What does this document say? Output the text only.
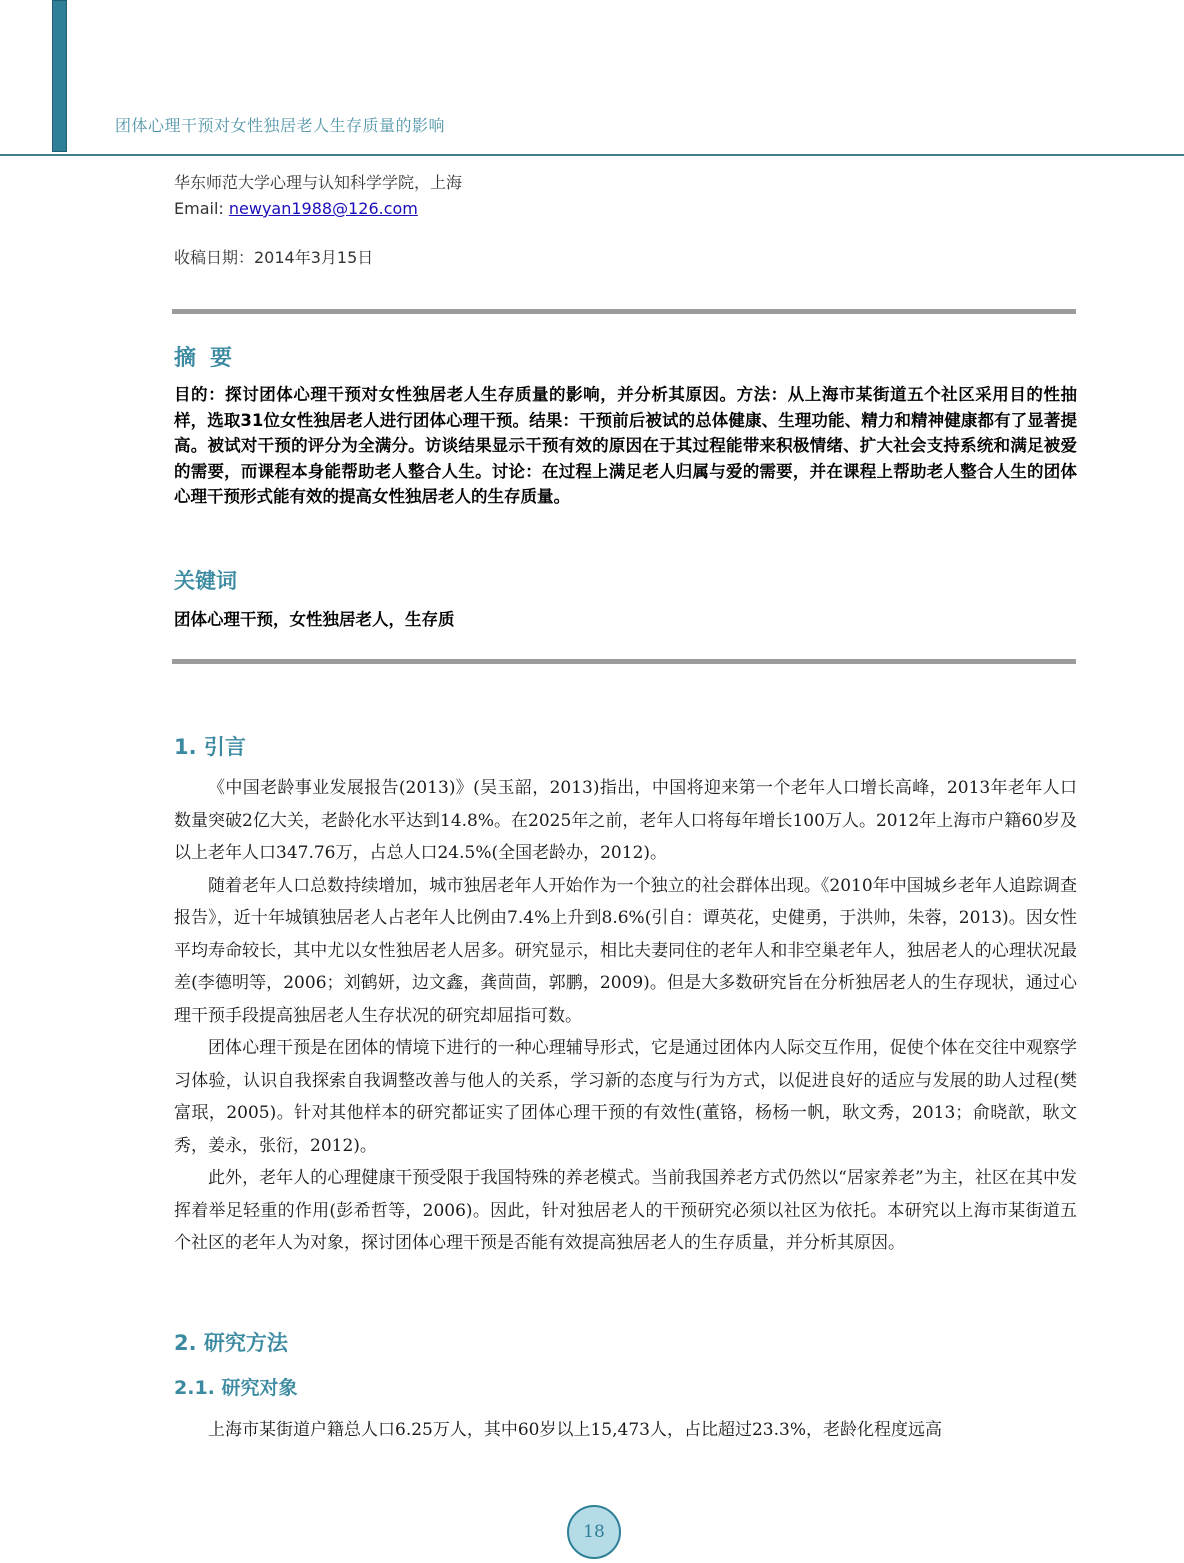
团体心理干预对女性独居老人生存质量的影响
华东师范大学心理与认知科学学院，上海
Email: newyan1988@126.com
收稿日期：2014年3月15日
摘要
目的：探讨团体心理干预对女性独居老人生存质量的影响，并分析其原因。方法：从上海市某街道五个社区采用目的性抽样，选取31位女性独居老人进行团体心理干预。结果：干预前后被试的总体健康、生理功能、精力和精神健康都有了显著提高。被试对干预的评分为全满分。访谈结果显示干预有效的原因在于其过程能带来积极情绪、扩大社会支持系统和满足被爱的需要，而课程本身能帮助老人整合人生。讨论：在过程上满足老人归属与爱的需要，并在课程上帮助老人整合人生的团体心理干预形式能有效的提高女性独居老人的生存质量。
关键词
团体心理干预，女性独居老人，生存质
1. 引言

《中国老龄事业发展报告(2013)》(吴玉韶，2013)指出，中国将迎来第一个老年人口增长高峰，2013年老年人口数量突破2亿大关，老龄化水平达到14.8%。在2025年之前，老年人口将每年增长100万人。2012年上海市户籍60岁及以上老年人口347.76万，占总人口24.5%(全国老龄办，2012)。

随着老年人口总数持续增加，城市独居老年人开始作为一个独立的社会群体出现。《2010年中国城乡老年人追踪调查报告》，近十年城镇独居老人占老年人比例由7.4%上升到8.6%(引自：谭英花，史健勇，于洪帅，朱蓉，2013)。因女性平均寿命较长，其中尤以女性独居老人居多。研究显示，相比夫妻同住的老年人和非空巢老年人，独居老人的心理状况最差(李德明等，2006；刘鹤妍，边文鑫，龚茴茴，郭鹏，2009)。但是大多数研究旨在分析独居老人的生存现状，通过心理干预手段提高独居老人生存状况的研究却屈指可数。

团体心理干预是在团体的情境下进行的一种心理辅导形式，它是通过团体内人际交互作用，促使个体在交往中观察学习体验，认识自我探索自我调整改善与他人的关系，学习新的态度与行为方式，以促进良好的适应与发展的助人过程(樊富珉，2005)。针对其他样本的研究都证实了团体心理干预的有效性(董铬，杨杨一帆，耿文秀，2013；俞晓歆，耿文秀，姜永，张衍，2012)。

此外，老年人的心理健康干预受限于我国特殊的养老模式。当前我国养老方式仍然以“居家养老”为主，社区在其中发挥着举足轻重的作用(彭希哲等，2006)。因此，针对独居老人的干预研究必须以社区为依托。本研究以上海市某街道五个社区的老年人为对象，探讨团体心理干预是否能有效提高独居老人的生存质量，并分析其原因。

2. 研究方法
2.1. 研究对象

上海市某街道户籍总人口6.25万人，其中60岁以上15,473人，占比超过23.3%，老龄化程度远高

18
